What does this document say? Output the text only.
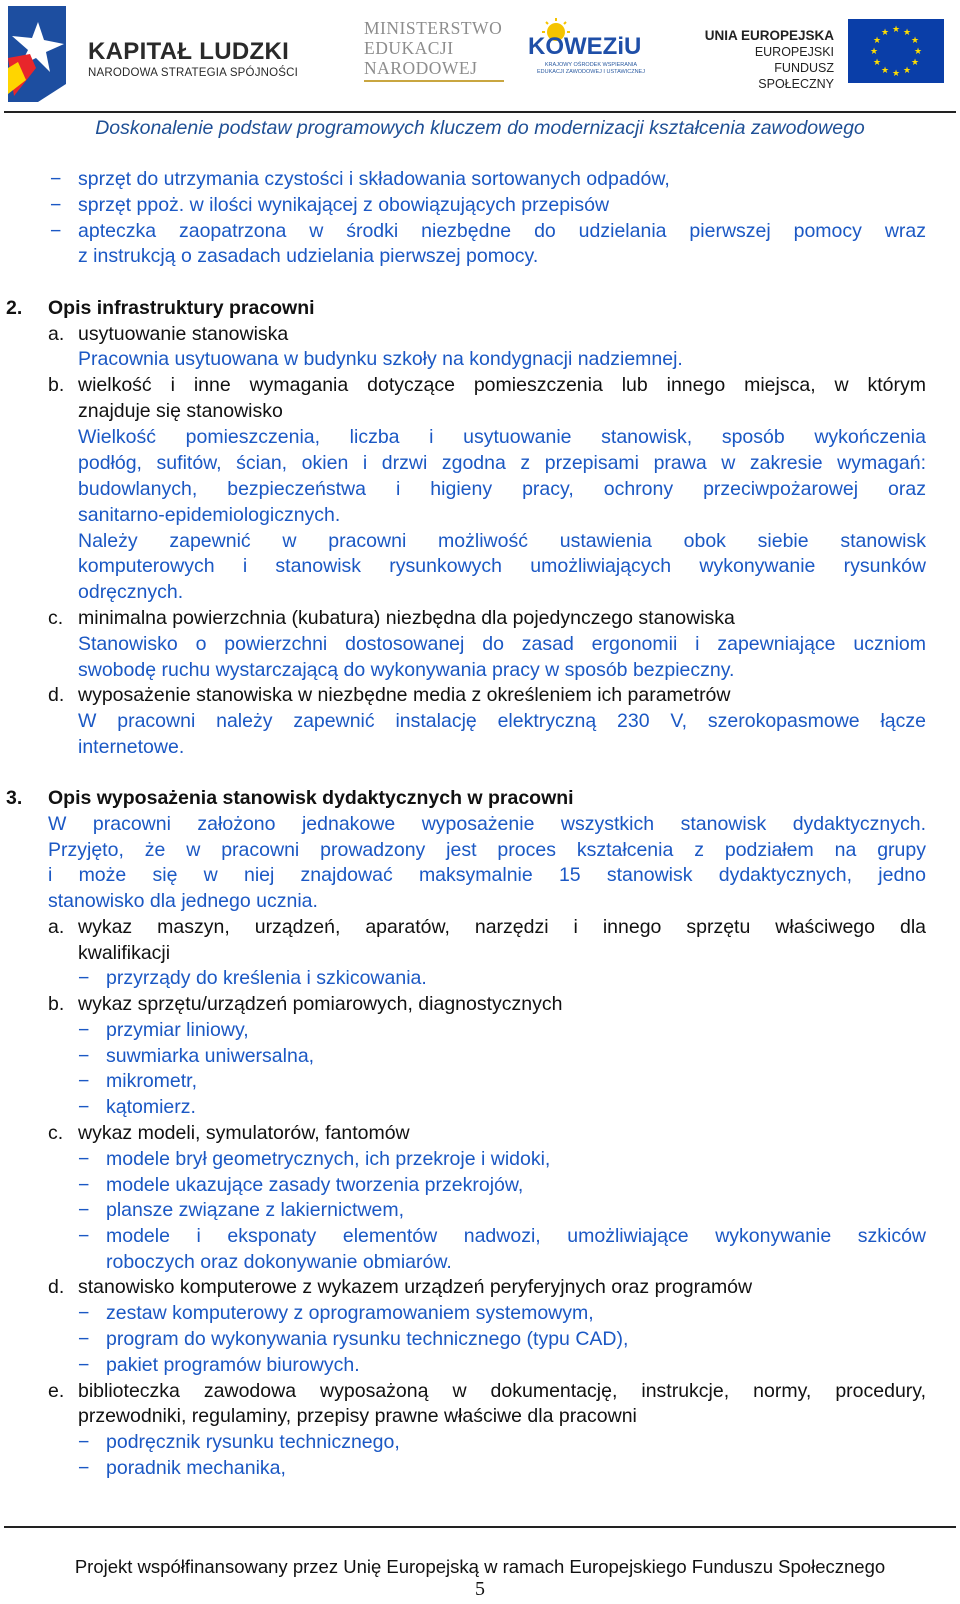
KAPITAŁ LUDZKI
NARODOWA STRATEGIA SPÓJNOŚCI
MINISTERSTWO
EDUKACJI
NARODOWEJ
KOWEZiU
KRAJOWY OŚRODEK WSPIERANIA EDUKACJI ZAWODOWEJ I USTAWICZNEJ
UNIA EUROPEJSKA
EUROPEJSKI
FUNDUSZ SPOŁECZNY
★ ★
★
★
★
★
★
★
★
★
★
★
Doskonalenie podstaw programowych kluczem do modernizacji kształcenia zawodowego
− sprzęt do utrzymania czystości i składowania sortowanych odpadów,
− sprzęt ppoż. w ilości wynikającej z obowiązujących przepisów
− apteczka zaopatrzona w środki niezbędne do udzielania pierwszej pomocy wraz
z instrukcją o zasadach udzielania pierwszej pomocy.
2. Opis infrastruktury pracowni
a. usytuowanie stanowiska
Pracownia usytuowana w budynku szkoły na kondygnacji nadziemnej.
b. wielkość i inne wymagania dotyczące pomieszczenia lub innego miejsca, w którym
znajduje się stanowisko
Wielkość pomieszczenia, liczba i usytuowanie stanowisk, sposób wykończenia
podłóg, sufitów, ścian, okien i drzwi zgodna z przepisami prawa w zakresie wymagań:
budowlanych, bezpieczeństwa i higieny pracy, ochrony przeciwpożarowej oraz
sanitarno-epidemiologicznych.
Należy zapewnić w pracowni możliwość ustawienia obok siebie stanowisk
komputerowych i stanowisk rysunkowych umożliwiających wykonywanie rysunków
odręcznych.
c. minimalna powierzchnia (kubatura) niezbędna dla pojedynczego stanowiska
Stanowisko o powierzchni dostosowanej do zasad ergonomii i zapewniające uczniom
swobodę ruchu wystarczającą do wykonywania pracy w sposób bezpieczny.
d. wyposażenie stanowiska w niezbędne media z określeniem ich parametrów
W pracowni należy zapewnić instalację elektryczną 230 V, szerokopasmowe łącze
internetowe.
3. Opis wyposażenia stanowisk dydaktycznych w pracowni
W pracowni założono jednakowe wyposażenie wszystkich stanowisk dydaktycznych.
Przyjęto, że w pracowni prowadzony jest proces kształcenia z podziałem na grupy
i może się w niej znajdować maksymalnie 15 stanowisk dydaktycznych, jedno
stanowisko dla jednego ucznia.
a. wykaz maszyn, urządzeń, aparatów, narzędzi i innego sprzętu właściwego dla
kwalifikacji
− przyrządy do kreślenia i szkicowania.
b. wykaz sprzętu/urządzeń pomiarowych, diagnostycznych
− przymiar liniowy,
− suwmiarka uniwersalna,
− mikrometr,
− kątomierz.
c. wykaz modeli, symulatorów, fantomów
− modele brył geometrycznych, ich przekroje i widoki,
− modele ukazujące zasady tworzenia przekrojów,
− plansze związane z lakiernictwem,
− modele i eksponaty elementów nadwozi, umożliwiające wykonywanie szkiców
roboczych oraz dokonywanie obmiarów.
d. stanowisko komputerowe z wykazem urządzeń peryferyjnych oraz programów
− zestaw komputerowy z oprogramowaniem systemowym,
− program do wykonywania rysunku technicznego (typu CAD),
− pakiet programów biurowych.
e. biblioteczka zawodowa wyposażoną w dokumentację, instrukcje, normy, procedury,
przewodniki, regulaminy, przepisy prawne właściwe dla pracowni
− podręcznik rysunku technicznego,
− poradnik mechanika,
Projekt współfinansowany przez Unię Europejską w ramach Europejskiego Funduszu Społecznego
5
